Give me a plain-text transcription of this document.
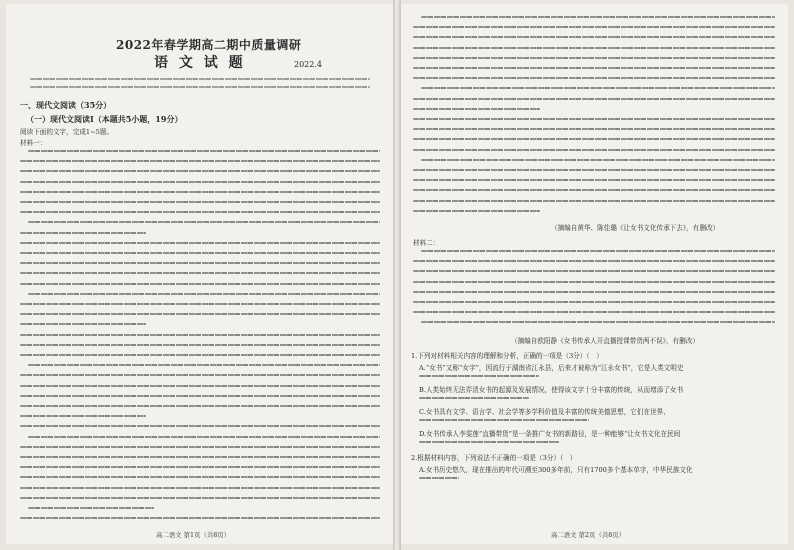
2022年春学期高二期中质量调研
语 文 试 题	2022.4
一、现代文阅读（35分）
（一）现代文阅读Ⅰ（本题共5小题，19分）
阅读下面的文字，完成1~5题。
材料一：
高二语文 第1页（共8页）
材料二：
（摘编自黄华、陈佳璐《让女书文化传承下去》，有删改）
（摘编自欧阳静《女书传承人开直播授课带货两不误》，有删改）
1.下列对材料相关内容的理解和分析，正确的一项是（3分）（　）
A.“女书”又称“女字”，因流行于湖南省江永县，后来才被称为“江永女书”，它是人类文明史
B.人类始终无法弄清女书的起源及发展情况，使得该文字十分丰富的传统，从而增添了女书
C.女书具有文学、语言学、社会学等多学科价值及丰富的传统美德思想，它们在世界、
D.女书传承人李雯莲“直播带货”是一条推广女书的新路径，是一种能够“让女书文化在民间
2.根据材料内容，下列说法不正确的一项是（3分）（　）
A.女书历史悠久，现在推出的年代可溯至300多年前，只有1700多个基本单字，中华民族文化
高二语文 第2页（共8页）
